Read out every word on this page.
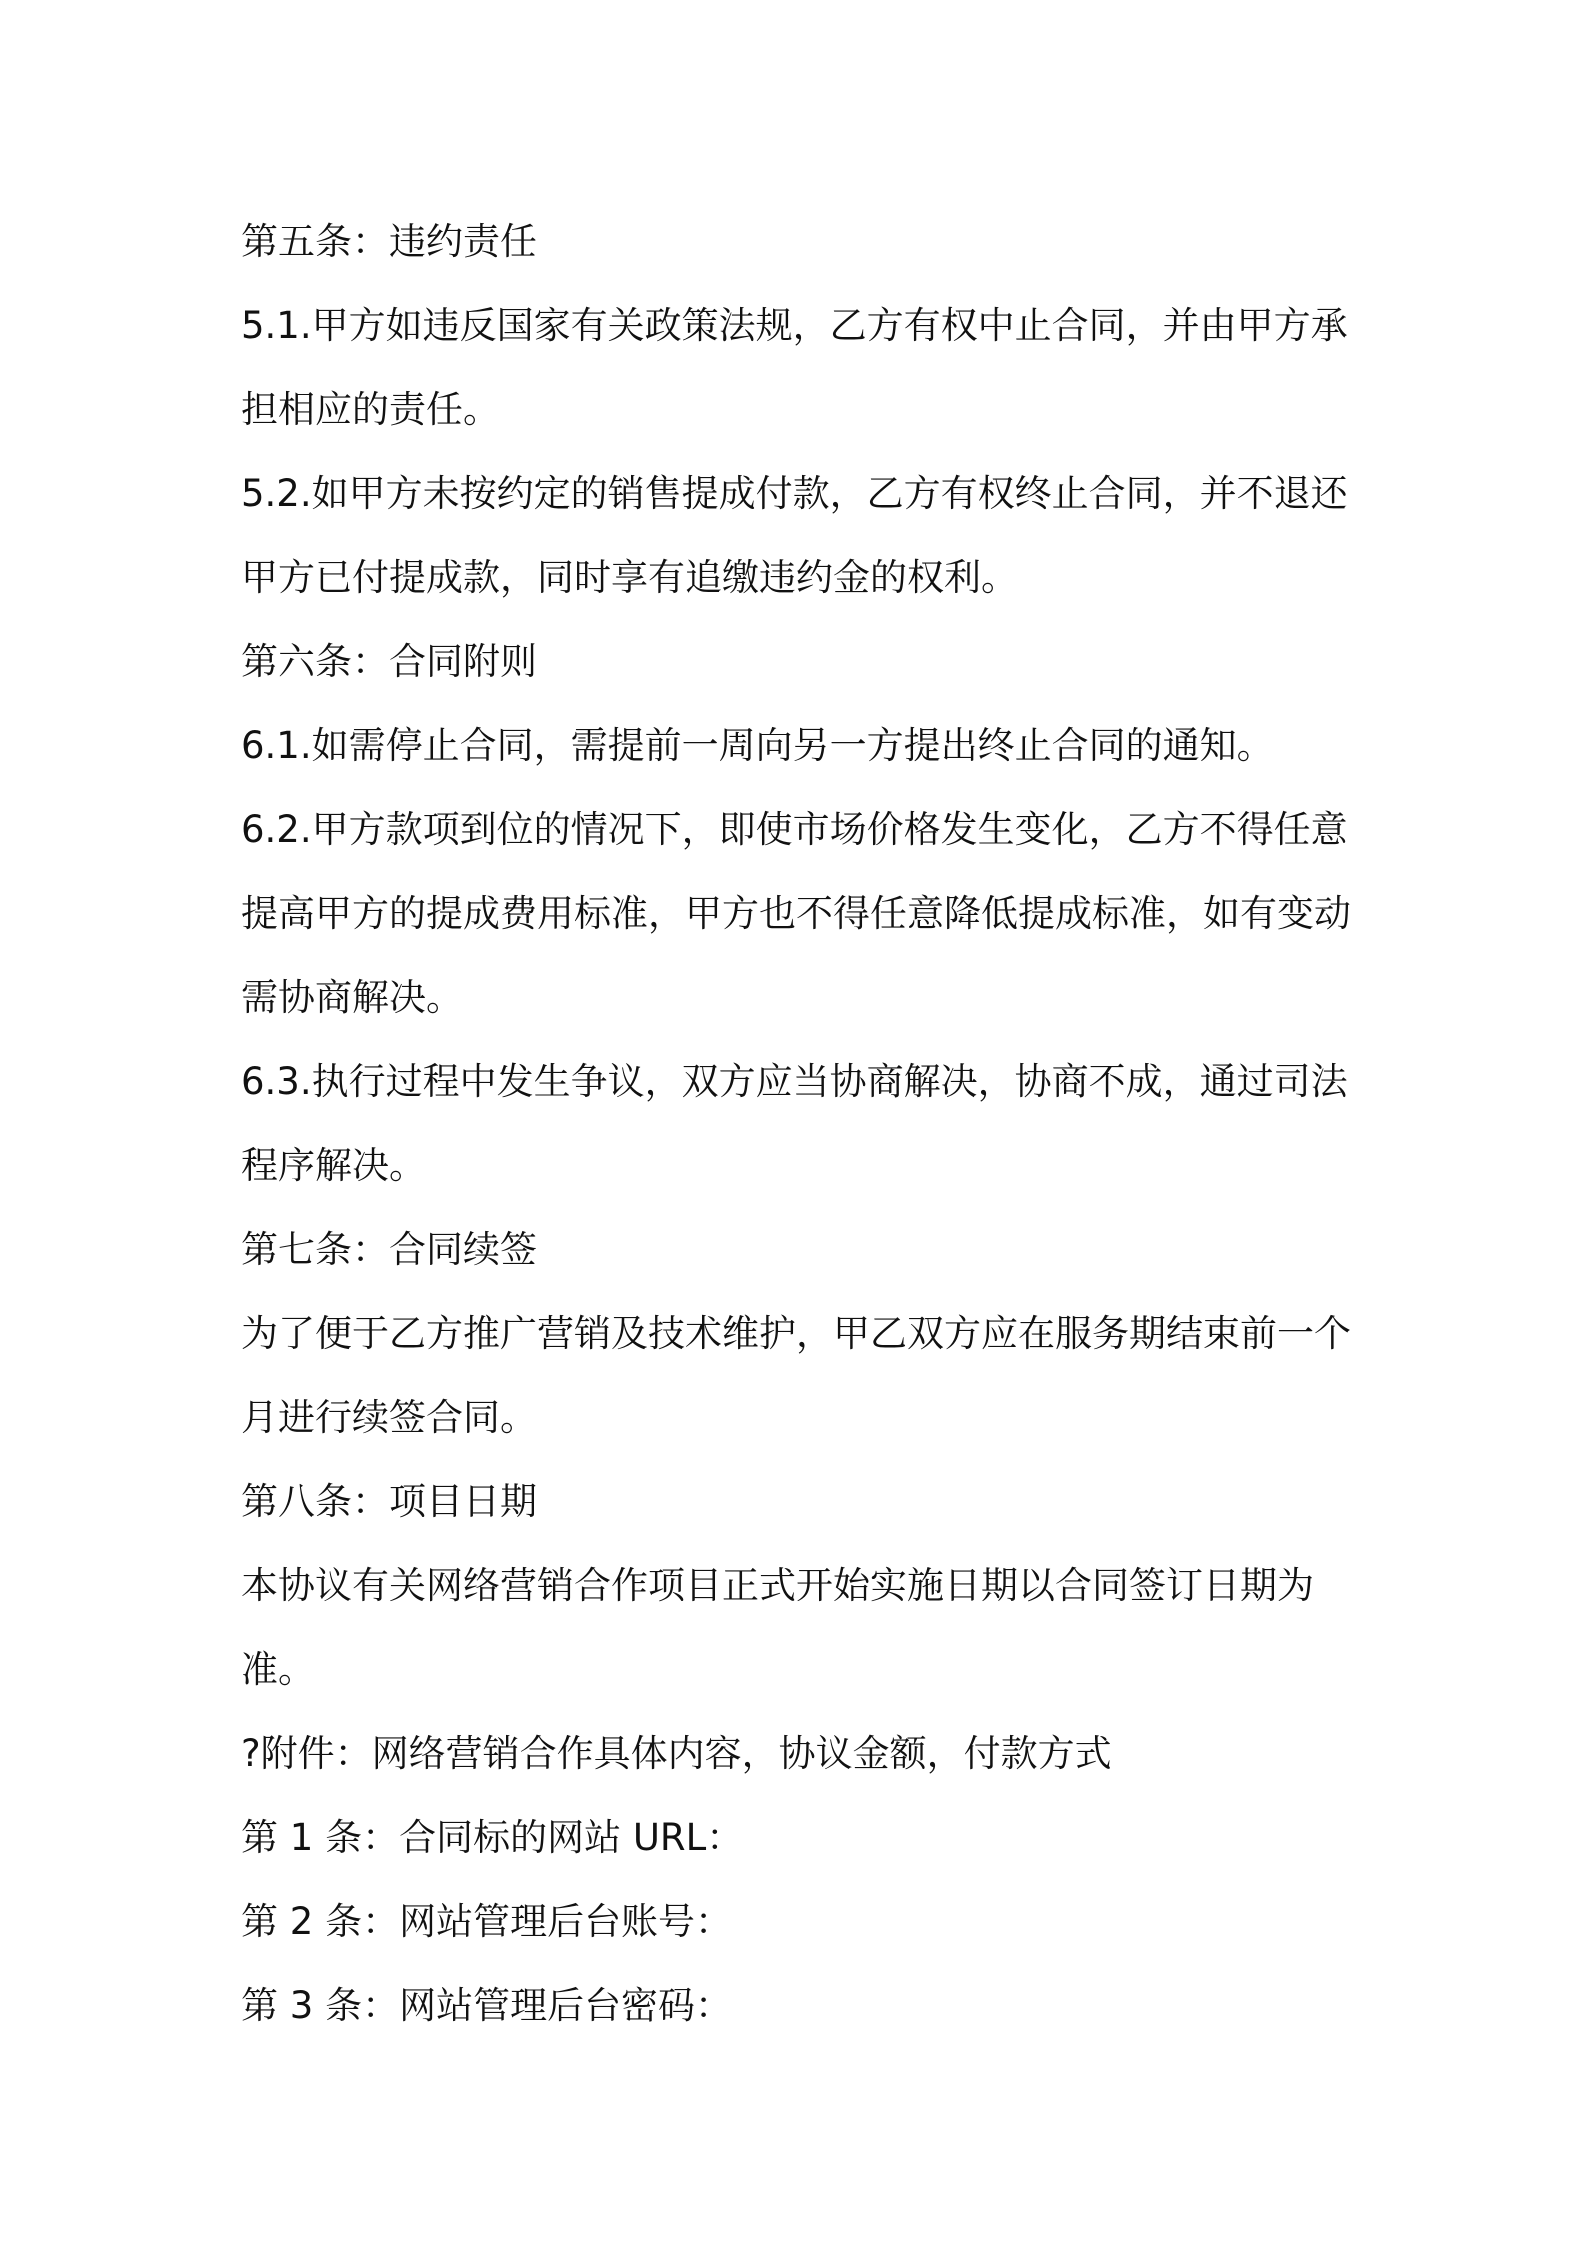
第五条：违约责任
5.1.甲方如违反国家有关政策法规，乙方有权中止合同，并由甲方承
担相应的责任。
5.2.如甲方未按约定的销售提成付款，乙方有权终止合同，并不退还
甲方已付提成款，同时享有追缴违约金的权利。
第六条：合同附则
6.1.如需停止合同，需提前一周向另一方提出终止合同的通知。
6.2.甲方款项到位的情况下，即使市场价格发生变化，乙方不得任意
提高甲方的提成费用标准，甲方也不得任意降低提成标准，如有变动
需协商解决。
6.3.执行过程中发生争议，双方应当协商解决，协商不成，通过司法
程序解决。
第七条：合同续签
为了便于乙方推广营销及技术维护，甲乙双方应在服务期结束前一个
月进行续签合同。
第八条：项目日期
本协议有关网络营销合作项目正式开始实施日期以合同签订日期为
准。
?附件：网络营销合作具体内容，协议金额，付款方式
第 1 条：合同标的网站 URL：
第 2 条：网站管理后台账号：
第 3 条：网站管理后台密码：
